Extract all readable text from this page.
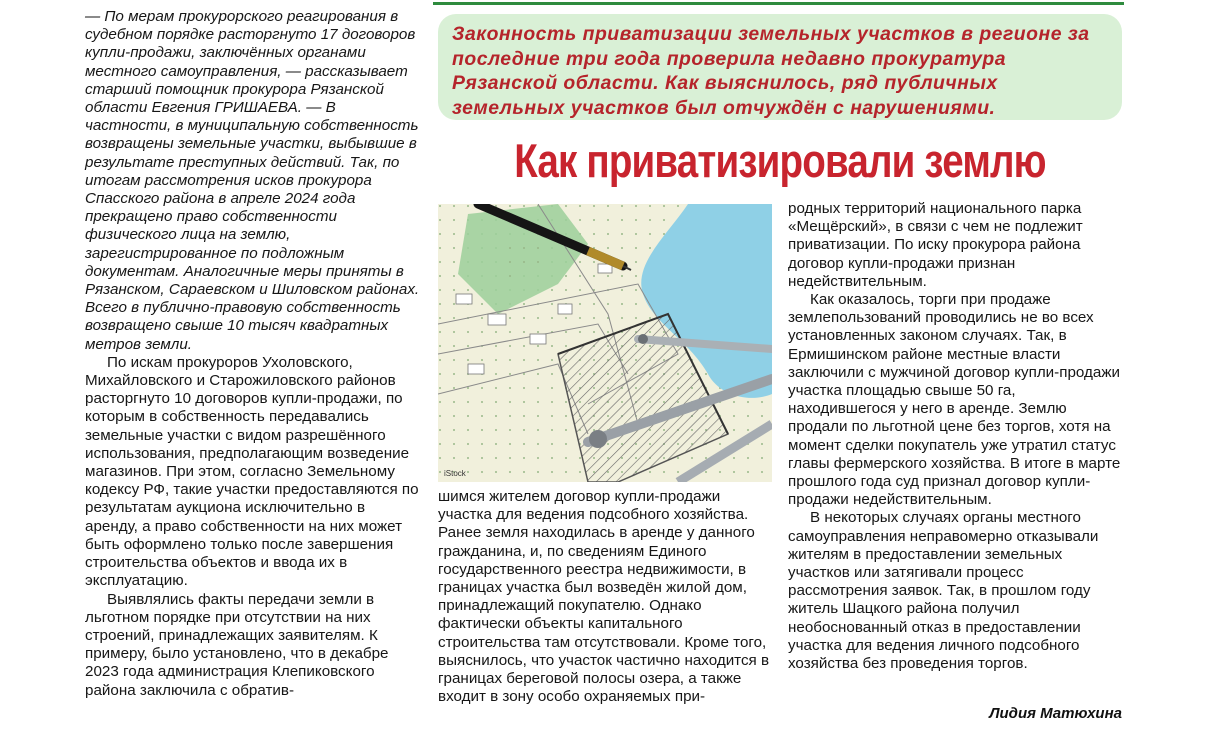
— По мерам прокурорского реагирования в судебном порядке расторгнуто 17 договоров купли-продажи, заключённых органами местного самоуправления, — рассказывает старший помощник прокурора Рязанской области Евгения ГРИШАЕВА. — В частности, в муниципальную собственность возвращены земельные участки, выбывшие в результате преступных действий. Так, по итогам рассмотрения исков прокурора Спасского района в апреле 2024 года прекращено право собственности физического лица на землю, зарегистрированное по подложным документам. Аналогичные меры приняты в Рязанском, Сараевском и Шиловском районах. Всего в публично-правовую собственность возвращено свыше 10 тысяч квадратных метров земли.

По искам прокуроров Ухоловского, Михайловского и Старожиловского районов расторгнуто 10 договоров купли-продажи, по которым в собственность передавались земельные участки с видом разрешённого использования, предполагающим возведение магазинов. При этом, согласно Земельному кодексу РФ, такие участки предоставляются по результатам аукциона исключительно в аренду, а право собственности на них может быть оформлено только после завершения строительства объектов и ввода их в эксплуатацию.

Выявлялись факты передачи земли в льготном порядке при отсутствии на них строений, принадлежащих заявителям. К примеру, было установлено, что в декабре 2023 года администрация Клепиковского района заключила с обратив-

Законность приватизации земельных участков в регионе за последние три года проверила недавно прокуратура Рязанской области. Как выяснилось, ряд публичных земельных участков был отчуждён с нарушениями.
Как приватизировали землю
iStock

шимся жителем договор купли-продажи участка для ведения подсобного хозяйства. Ранее земля находилась в аренде у данного гражданина, и, по сведениям Единого государственного реестра недвижимости, в границах участка был возведён жилой дом, принадлежащий покупателю. Однако фактически объекты капитального строительства там отсутствовали. Кроме того, выяснилось, что участок частично находится в границах береговой полосы озера, а также входит в зону особо охраняемых при-

родных территорий национального парка «Мещёрский», в связи с чем не подлежит приватизации. По иску прокурора района договор купли-продажи признан недействительным.

Как оказалось, торги при продаже землепользований проводились не во всех установленных законом случаях. Так, в Ермишинском районе местные власти заключили с мужчиной договор купли-продажи участка площадью свыше 50 га, находившегося у него в аренде. Землю продали по льготной цене без торгов, хотя на момент сделки покупатель уже утратил статус главы фермерского хозяйства. В итоге в марте прошлого года суд признал договор купли-продажи недействительным.

В некоторых случаях органы местного самоуправления неправомерно отказывали жителям в предоставлении земельных участков или затягивали процесс рассмотрения заявок. Так, в прошлом году житель Шацкого района получил необоснованный отказ в предоставлении участка для ведения личного подсобного хозяйства без проведения торгов.

Лидия Матюхина
